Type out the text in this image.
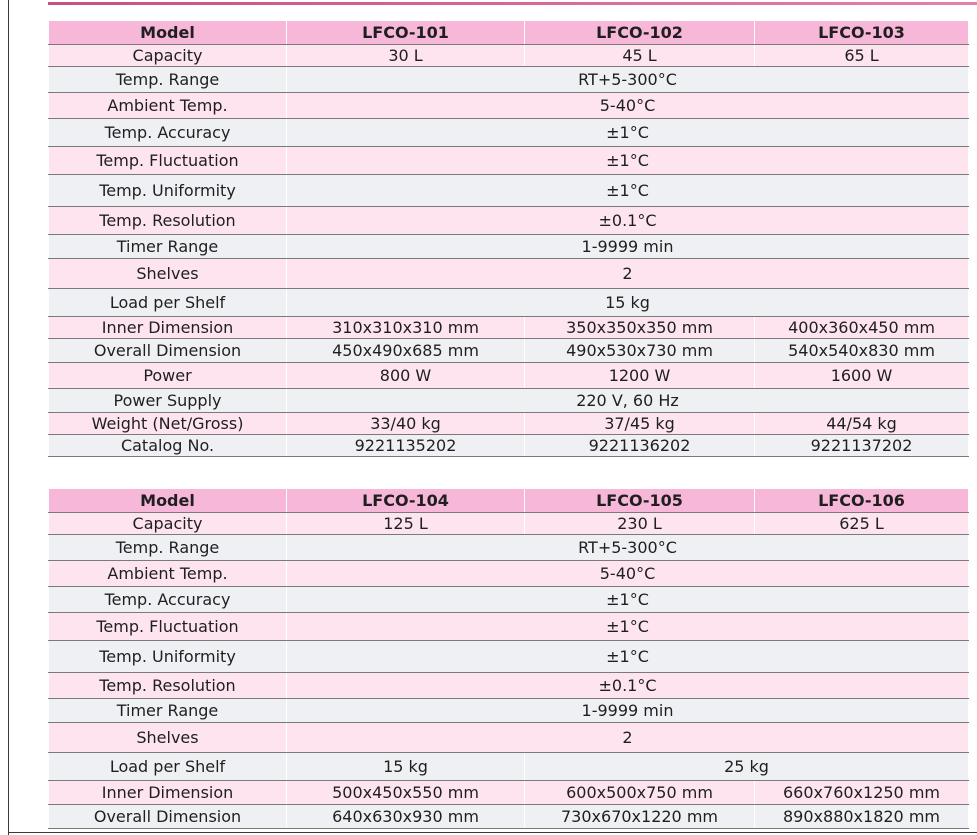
Model	LFCO-101	LFCO-102	LFCO-103
Capacity	30 L	45 L	65 L
Temp. Range	RT+5-300°C		
Ambient Temp.	5-40°C		
Temp. Accuracy	±1°C		
Temp. Fluctuation	±1°C		
Temp. Uniformity	±1°C		
Temp. Resolution	±0.1°C		
Timer Range	1-9999 min		
Shelves	2		
Load per Shelf	15 kg		
Inner Dimension	310x310x310 mm	350x350x350 mm	400x360x450 mm
Overall Dimension	450x490x685 mm	490x530x730 mm	540x540x830 mm
Power	800 W	1200 W	1600 W
Power Supply	220 V, 60 Hz		
Weight (Net/Gross)	33/40 kg	37/45 kg	44/54 kg
Catalog No.	9221135202	9221136202	9221137202
Model	LFCO-104	LFCO-105	LFCO-106
Capacity	125 L	230 L	625 L
Temp. Range	RT+5-300°C		
Ambient Temp.	5-40°C		
Temp. Accuracy	±1°C		
Temp. Fluctuation	±1°C		
Temp. Uniformity	±1°C		
Temp. Resolution	±0.1°C		
Timer Range	1-9999 min		
Shelves	2		
Load per Shelf	15 kg	25 kg	
Inner Dimension	500x450x550 mm	600x500x750 mm	660x760x1250 mm
Overall Dimension	640x630x930 mm	730x670x1220 mm	890x880x1820 mm
